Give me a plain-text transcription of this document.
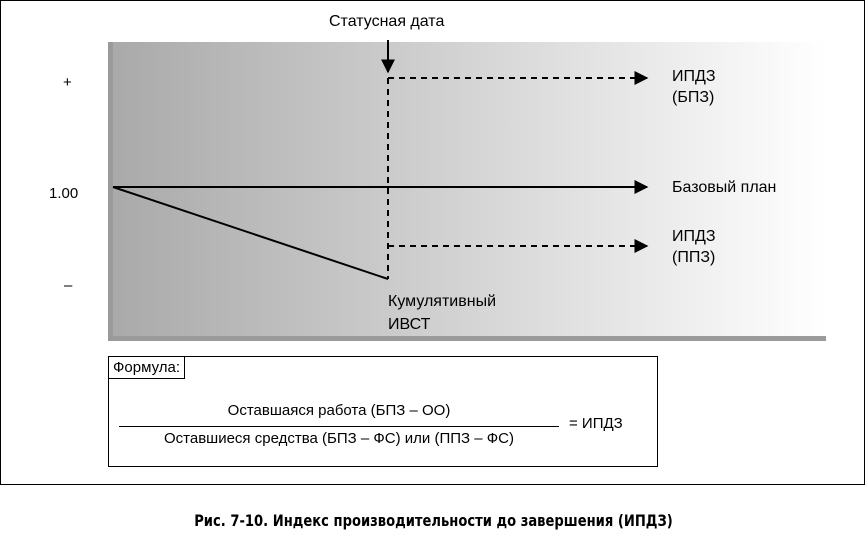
Статусная дата
+
1.00
–
ИПДЗ
(БПЗ)
Базовый план
ИПДЗ
(ППЗ)
Кумулятивный
ИВСТ
Формула:
Оставшаяся работа (БПЗ – ОО)
Оставшиеся средства (БПЗ – ФС) или (ППЗ – ФС)
= ИПДЗ
Рис. 7-10. Индекс производительности до завершения (ИПДЗ)
